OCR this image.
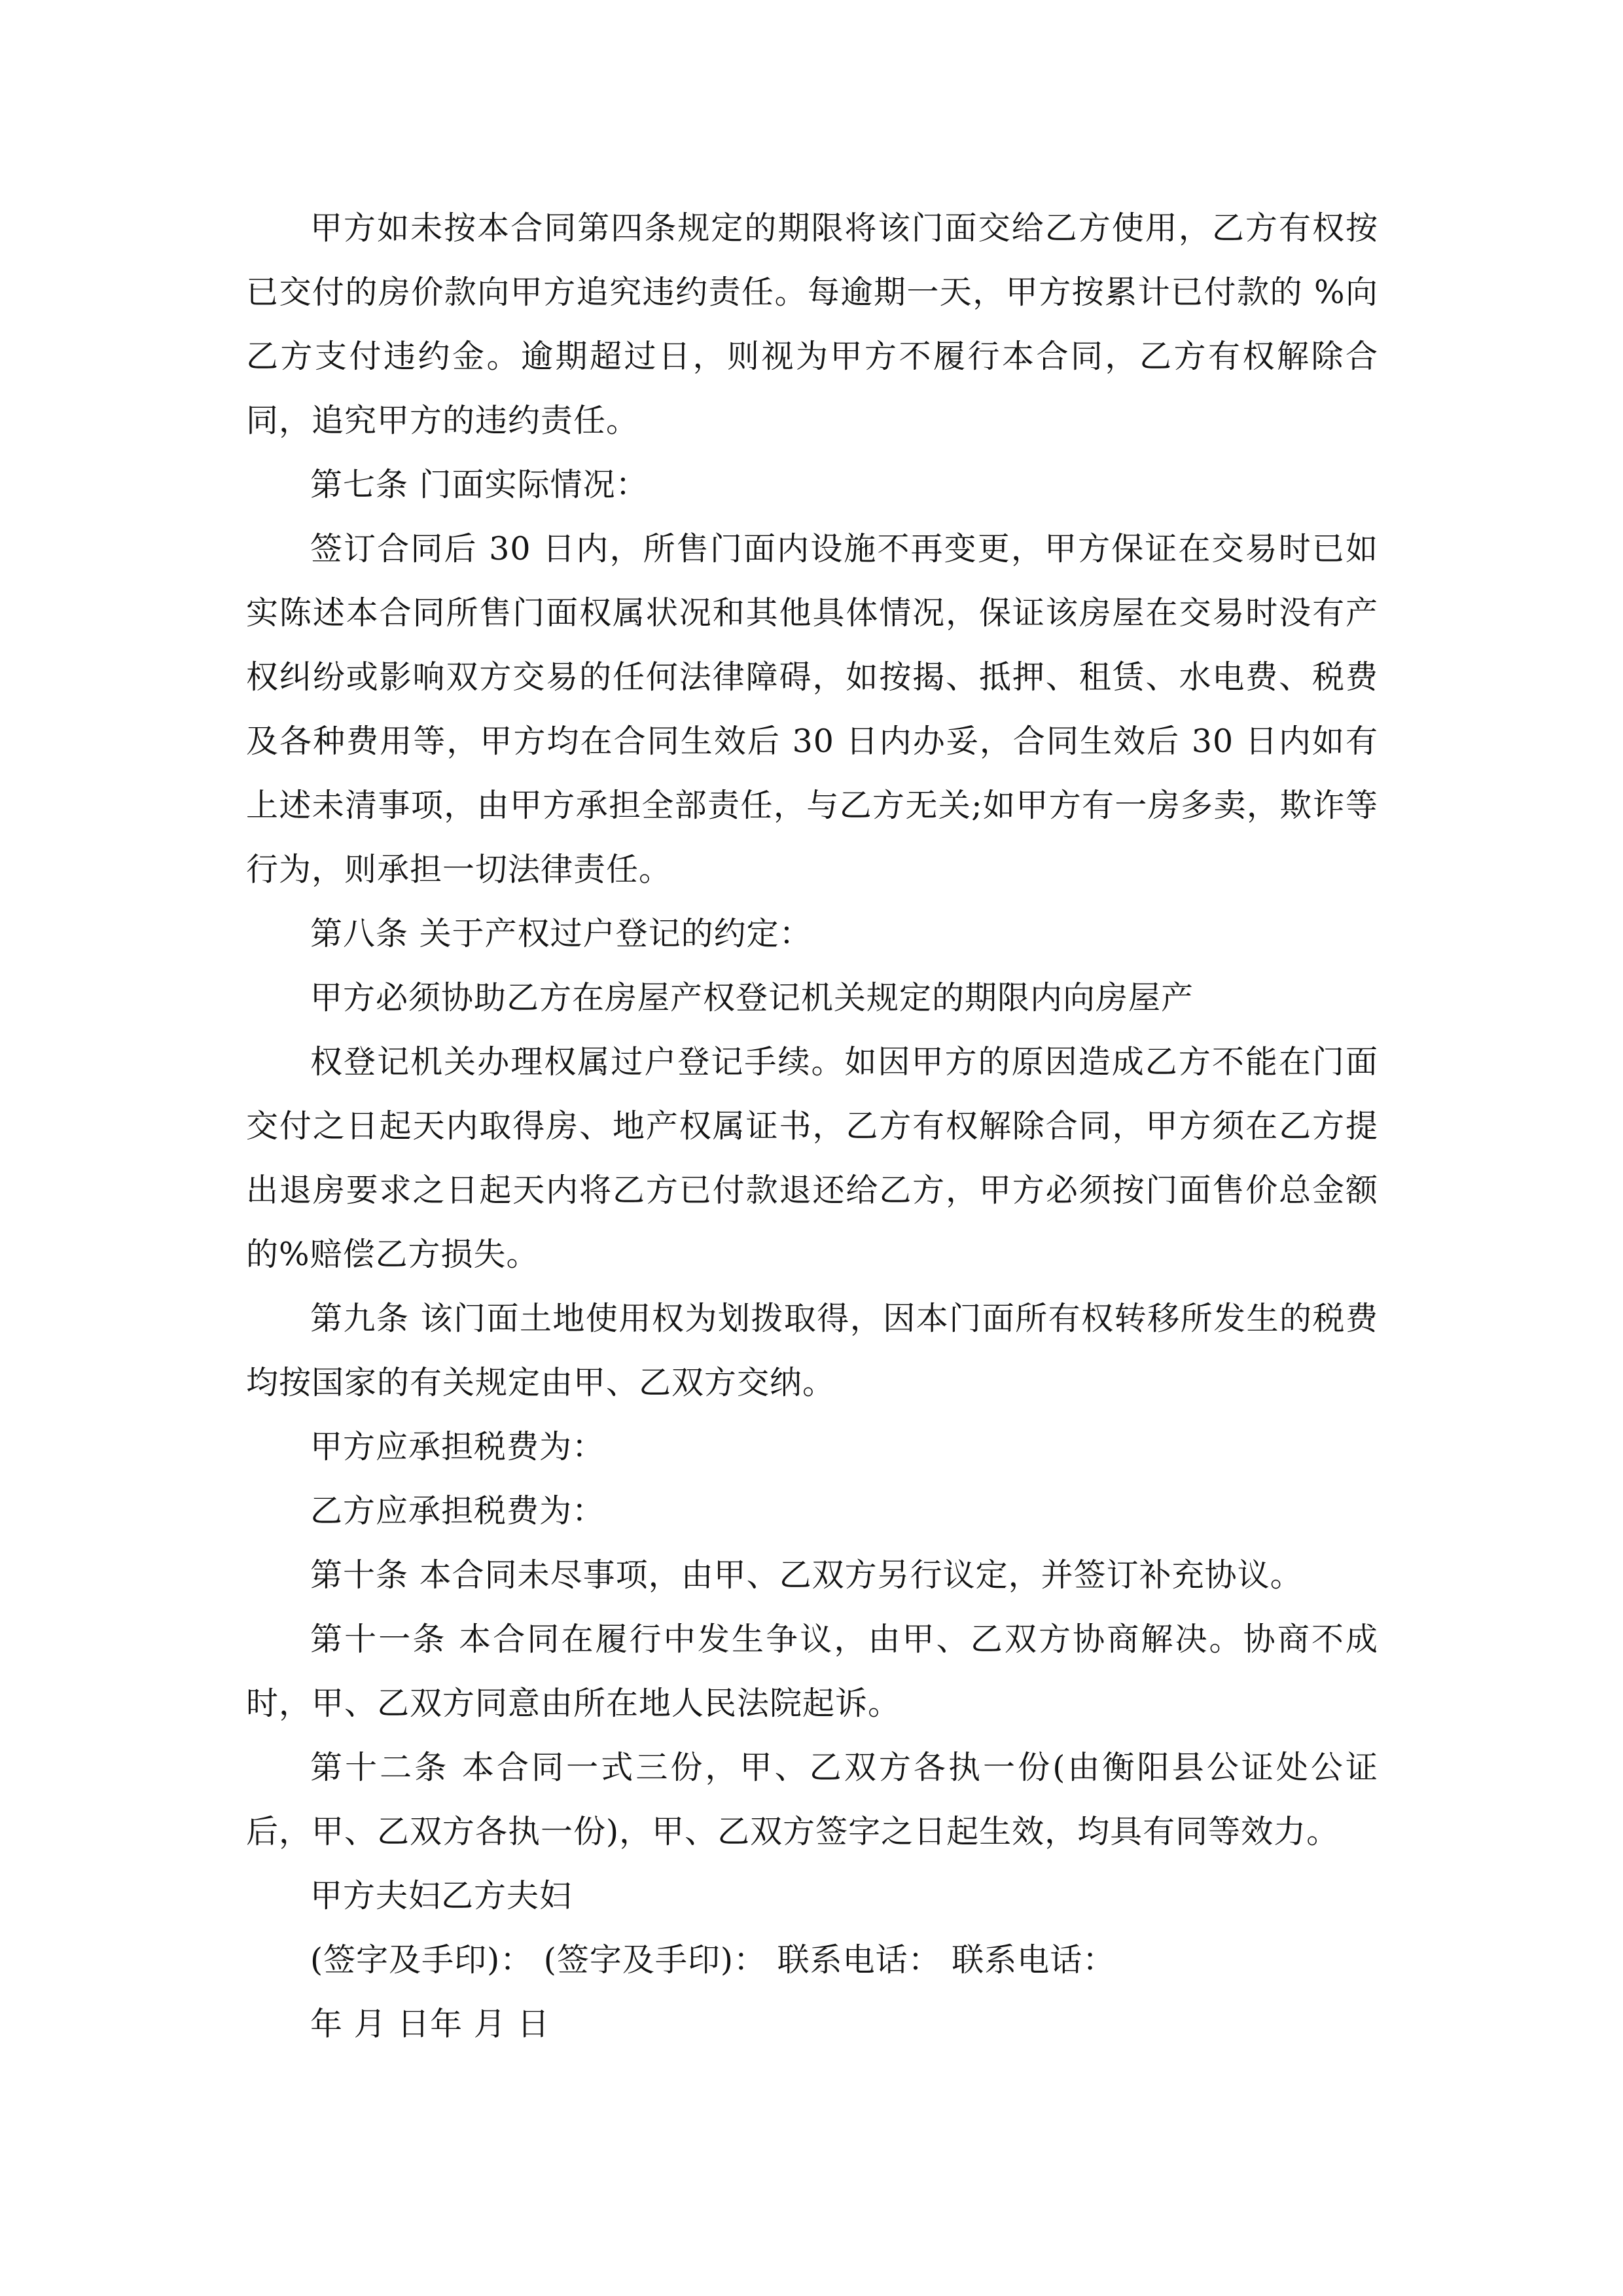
甲方如未按本合同第四条规定的期限将该门面交给乙方使用，乙方有权按已交付的房价款向甲方追究违约责任。每逾期一天，甲方按累计已付款的 %向乙方支付违约金。逾期超过日，则视为甲方不履行本合同，乙方有权解除合同，追究甲方的违约责任。

第七条 门面实际情况：

签订合同后 30 日内，所售门面内设施不再变更，甲方保证在交易时已如实陈述本合同所售门面权属状况和其他具体情况，保证该房屋在交易时没有产权纠纷或影响双方交易的任何法律障碍，如按揭、抵押、租赁、水电费、税费及各种费用等，甲方均在合同生效后 30 日内办妥，合同生效后 30 日内如有上述未清事项，由甲方承担全部责任，与乙方无关;如甲方有一房多卖，欺诈等行为，则承担一切法律责任。

第八条 关于产权过户登记的约定：

甲方必须协助乙方在房屋产权登记机关规定的期限内向房屋产

权登记机关办理权属过户登记手续。如因甲方的原因造成乙方不能在门面交付之日起天内取得房、地产权属证书，乙方有权解除合同，甲方须在乙方提出退房要求之日起天内将乙方已付款退还给乙方，甲方必须按门面售价总金额的%赔偿乙方损失。

第九条 该门面土地使用权为划拨取得，因本门面所有权转移所发生的税费均按国家的有关规定由甲、乙双方交纳。

甲方应承担税费为：

乙方应承担税费为：

第十条 本合同未尽事项，由甲、乙双方另行议定，并签订补充协议。

第十一条 本合同在履行中发生争议，由甲、乙双方协商解决。协商不成时，甲、乙双方同意由所在地人民法院起诉。

第十二条 本合同一式三份，甲、乙双方各执一份(由衡阳县公证处公证后，甲、乙双方各执一份)，甲、乙双方签字之日起生效，均具有同等效力。

甲方夫妇乙方夫妇

(签字及手印)： (签字及手印)： 联系电话： 联系电话：

年 月 日年 月 日
